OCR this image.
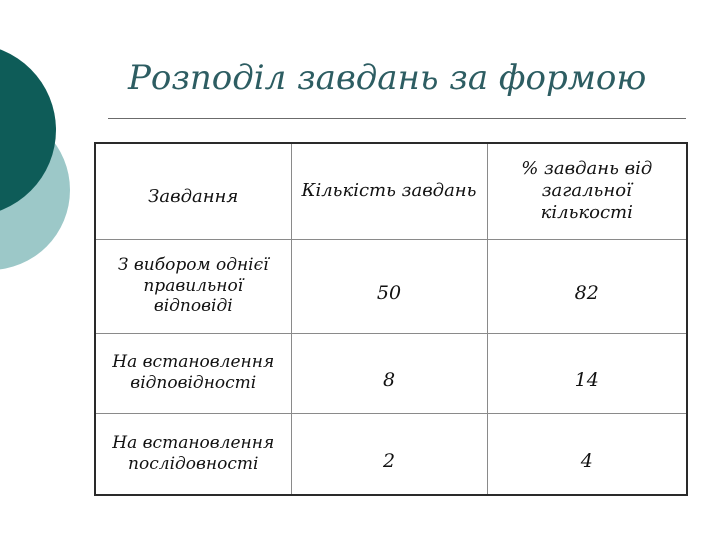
Розподіл завдань за формою
Завдання	Кількість завдань	% завдань від загальної кількості
З вибором однієї правильної відповіді	50	82
На встановлення відповідності	8	14
На встановлення послідовності	2	4
